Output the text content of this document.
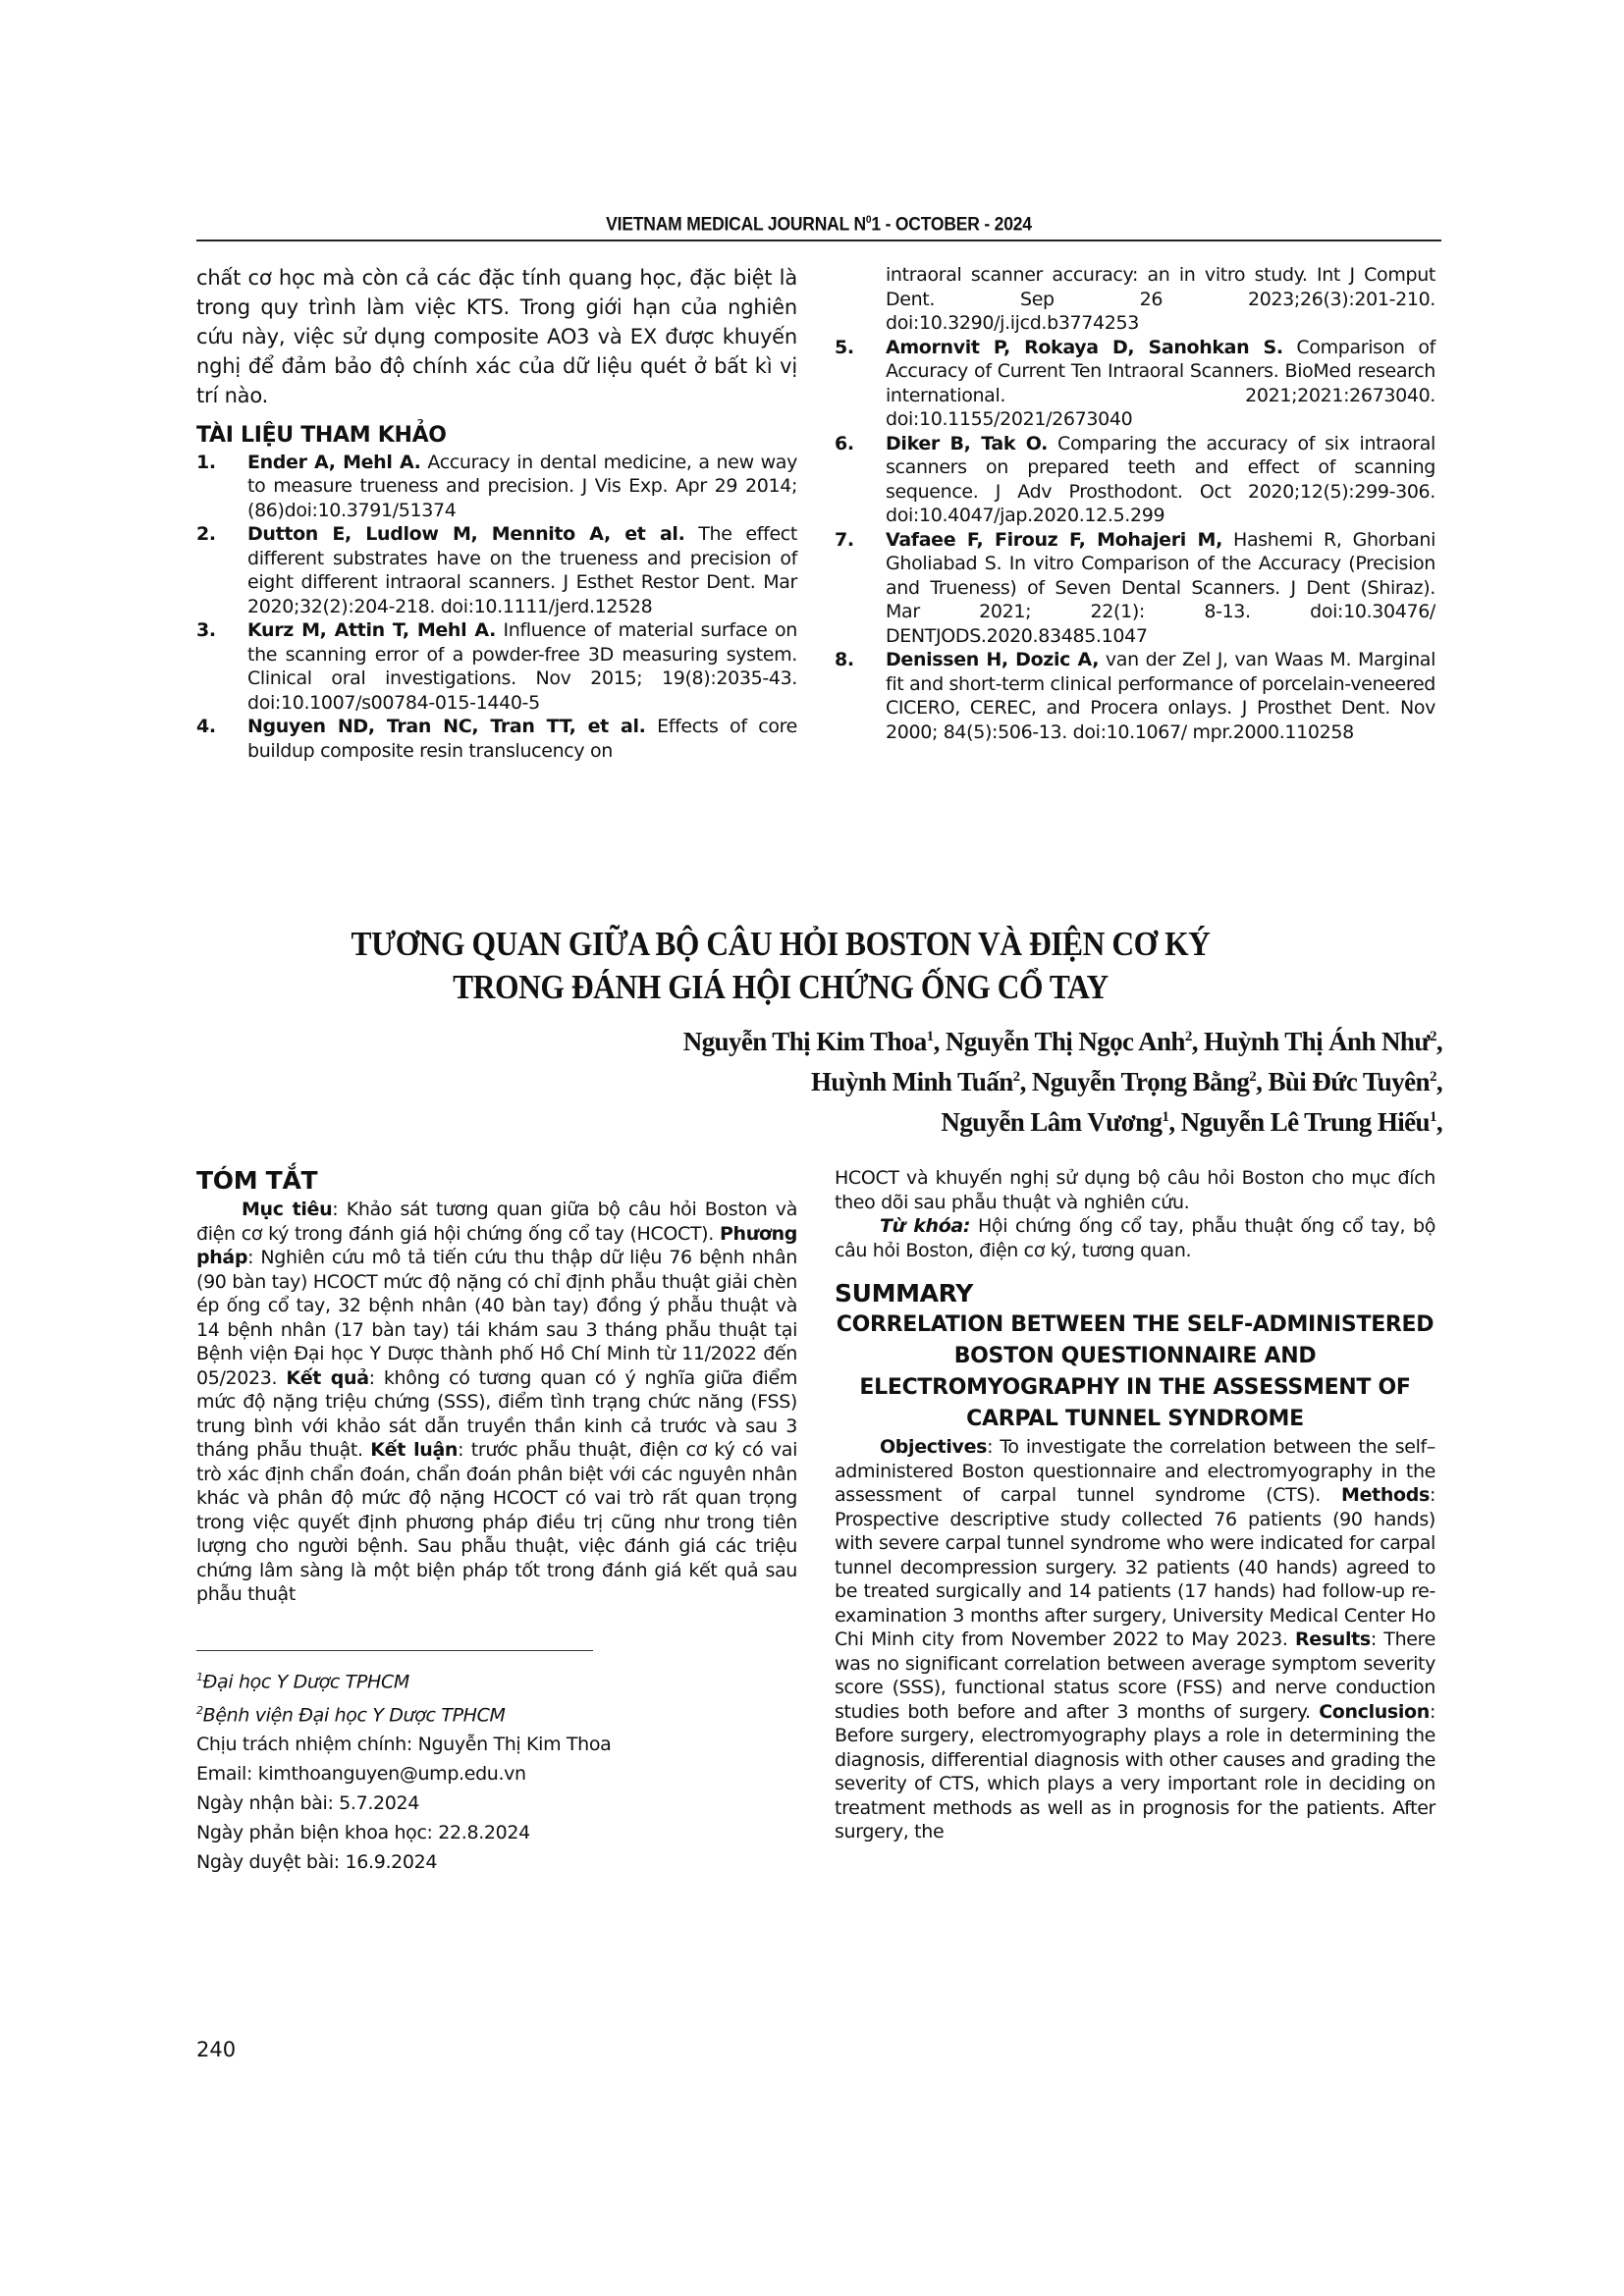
VIETNAM MEDICAL JOURNAL $N^01$ - OCTOBER - 2024

chất cơ học mà còn cả các đặc tính quang học, đặc biệt là trong quy trình làm việc KTS. Trong giới hạn của nghiên cứu này, việc sử dụng composite AO3 và EX được khuyến nghị để đảm bảo độ chính xác của dữ liệu quét ở bất kì vị trí nào.

TÀI LIỆU THAM KHẢO
1.	Ender A, Mehl A. Accuracy in dental medicine, a new way to measure trueness and precision. J Vis Exp. Apr 29 2014;(86)doi:10.3791/51374
2.	Dutton E, Ludlow M, Mennito A, et al. The effect different substrates have on the trueness and precision of eight different intraoral scanners. J Esthet Restor Dent. Mar 2020;32(2):204-218. doi:10.1111/jerd.12528
3.	Kurz M, Attin T, Mehl A. Influence of material surface on the scanning error of a powder-free 3D measuring system. Clinical oral investigations. Nov 2015; 19(8):2035-43. doi:10.1007/s00784-015-1440-5
4.	Nguyen ND, Tran NC, Tran TT, et al. Effects of core buildup composite resin translucency on
intraoral scanner accuracy: an in vitro study. Int J Comput Dent. Sep 26 2023;26(3):201-210. doi:10.3290/j.ijcd.b3774253
5.	Amornvit P, Rokaya D, Sanohkan S. Comparison of Accuracy of Current Ten Intraoral Scanners. BioMed research international. 2021;2021:2673040. doi:10.1155/2021/2673040
6.	Diker B, Tak O. Comparing the accuracy of six intraoral scanners on prepared teeth and effect of scanning sequence. J Adv Prosthodont. Oct 2020;12(5):299-306. doi:10.4047/jap.2020.12.5.299
7.	Vafaee F, Firouz F, Mohajeri M, Hashemi R, Ghorbani Gholiabad S. In vitro Comparison of the Accuracy (Precision and Trueness) of Seven Dental Scanners. J Dent (Shiraz). Mar 2021; 22(1): 8-13. doi:10.30476/ DENTJODS.2020.83485.1047
8.	Denissen H, Dozic A, van der Zel J, van Waas M. Marginal fit and short-term clinical performance of porcelain-veneered CICERO, CEREC, and Procera onlays. J Prosthet Dent. Nov 2000; 84(5):506-13. doi:10.1067/ mpr.2000.110258
TƯƠNG QUAN GIỮA BỘ CÂU HỎI BOSTON VÀ ĐIỆN CƠ KÝ
TRONG ĐÁNH GIÁ HỘI CHỨNG ỐNG CỔ TAY
Nguyễn Thị Kim Thoa$^1$, Nguyễn Thị Ngọc Anh$^2$, Huỳnh Thị Ánh Như$^2$,
Huỳnh Minh Tuấn$^2$, Nguyễn Trọng Bằng$^2$, Bùi Đức Tuyên$^2$,
Nguyễn Lâm Vương$^1$, Nguyễn Lê Trung Hiếu$^1$,
TÓM TẮT

Mục tiêu: Khảo sát tương quan giữa bộ câu hỏi Boston và điện cơ ký trong đánh giá hội chứng ống cổ tay (HCOCT). Phương pháp: Nghiên cứu mô tả tiến cứu thu thập dữ liệu 76 bệnh nhân (90 bàn tay) HCOCT mức độ nặng có chỉ định phẫu thuật giải chèn ép ống cổ tay, 32 bệnh nhân (40 bàn tay) đồng ý phẫu thuật và 14 bệnh nhân (17 bàn tay) tái khám sau 3 tháng phẫu thuật tại Bệnh viện Đại học Y Dược thành phố Hồ Chí Minh từ 11/2022 đến 05/2023. Kết quả: không có tương quan có ý nghĩa giữa điểm mức độ nặng triệu chứng (SSS), điểm tình trạng chức năng (FSS) trung bình với khảo sát dẫn truyền thần kinh cả trước và sau 3 tháng phẫu thuật. Kết luận: trước phẫu thuật, điện cơ ký có vai trò xác định chẩn đoán, chẩn đoán phân biệt với các nguyên nhân khác và phân độ mức độ nặng HCOCT có vai trò rất quan trọng trong việc quyết định phương pháp điều trị cũng như trong tiên lượng cho người bệnh. Sau phẫu thuật, việc đánh giá các triệu chứng lâm sàng là một biện pháp tốt trong đánh giá kết quả sau phẫu thuật

$^1$Đại học Y Dược TPHCM
$^2$Bệnh viện Đại học Y Dược TPHCM
Chịu trách nhiệm chính: Nguyễn Thị Kim Thoa
Email: kimthoanguyen@ump.edu.vn
Ngày nhận bài: 5.7.2024
Ngày phản biện khoa học: 22.8.2024
Ngày duyệt bài: 16.9.2024
240

HCOCT và khuyến nghị sử dụng bộ câu hỏi Boston cho mục đích theo dõi sau phẫu thuật và nghiên cứu.

Từ khóa: Hội chứng ống cổ tay, phẫu thuật ống cổ tay, bộ câu hỏi Boston, điện cơ ký, tương quan.

SUMMARY
CORRELATION BETWEEN THE SELF-ADMINISTERED BOSTON QUESTIONNAIRE AND ELECTROMYOGRAPHY IN THE ASSESSMENT OF CARPAL TUNNEL SYNDROME

Objectives: To investigate the correlation between the self–administered Boston questionnaire and electromyography in the assessment of carpal tunnel syndrome (CTS). Methods: Prospective descriptive study collected 76 patients (90 hands) with severe carpal tunnel syndrome who were indicated for carpal tunnel decompression surgery. 32 patients (40 hands) agreed to be treated surgically and 14 patients (17 hands) had follow-up re-examination 3 months after surgery, University Medical Center Ho Chi Minh city from November 2022 to May 2023. Results: There was no significant correlation between average symptom severity score (SSS), functional status score (FSS) and nerve conduction studies both before and after 3 months of surgery. Conclusion: Before surgery, electromyography plays a role in determining the diagnosis, differential diagnosis with other causes and grading the severity of CTS, which plays a very important role in deciding on treatment methods as well as in prognosis for the patients. After surgery, the
